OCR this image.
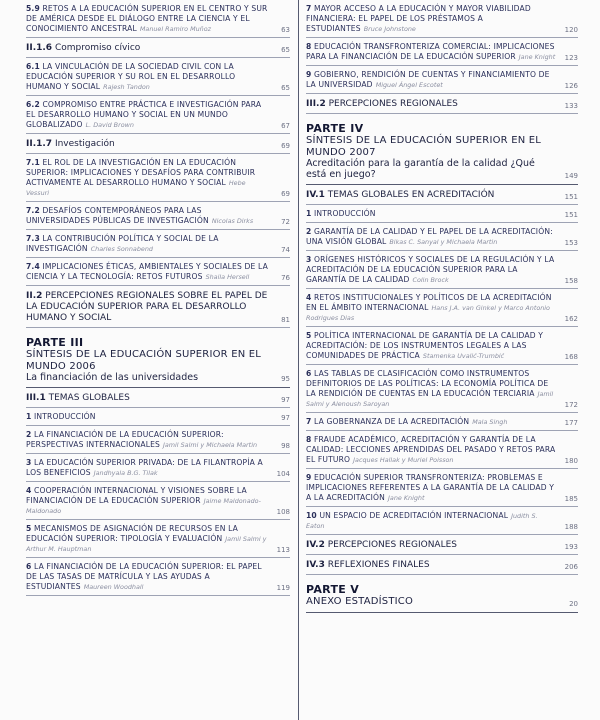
5.9 RETOS A LA EDUCACIÓN SUPERIOR EN EL CENTRO Y SUR DE AMÉRICA DESDE EL DIÁLOGO ENTRE LA CIENCIA Y EL CONOCIMIENTO ANCESTRAL Manuel Ramiro Muñoz	63
II.1.6 Compromiso cívico	65
6.1 LA VINCULACIÓN DE LA SOCIEDAD CIVIL CON LA EDUCACIÓN SUPERIOR Y SU ROL EN EL DESARROLLO HUMANO Y SOCIAL Rajesh Tandon	65
6.2 COMPROMISO ENTRE PRÁCTICA E INVESTIGACIÓN PARA EL DESARROLLO HUMANO Y SOCIAL EN UN MUNDO GLOBALIZADO L. David Brown	67
II.1.7 Investigación	69
7.1 EL ROL DE LA INVESTIGACIÓN EN LA EDUCACIÓN SUPERIOR: IMPLICACIONES Y DESAFÍOS PARA CONTRIBUIR ACTIVAMENTE AL DESARROLLO HUMANO Y SOCIAL Hebe Vessuri	69
7.2 DESAFÍOS CONTEMPORÁNEOS PARA LAS UNIVERSIDADES PÚBLICAS DE INVESTIGACIÓN Nicolas Dirks	72
7.3 LA CONTRIBUCIÓN POLÍTICA Y SOCIAL DE LA INVESTIGACIÓN Charles Sonnabend	74
7.4 IMPLICACIONES ÉTICAS, AMBIENTALES Y SOCIALES DE LA CIENCIA Y LA TECNOLOGÍA: RETOS FUTUROS Shaila Hersell	76
II.2 PERCEPCIONES REGIONALES SOBRE EL PAPEL DE LA EDUCACIÓN SUPERIOR PARA EL DESARROLLO HUMANO Y SOCIAL	81
PARTE III
SÍNTESIS DE LA EDUCACIÓN SUPERIOR EN EL MUNDO 2006
La financiación de las universidades	95
III.1 TEMAS GLOBALES	97
1 INTRODUCCIÓN	97
2 LA FINANCIACIÓN DE LA EDUCACIÓN SUPERIOR: PERSPECTIVAS INTERNACIONALES Jamil Salmi y Michaela Martin	98
3 LA EDUCACIÓN SUPERIOR PRIVADA: DE LA FILANTROPÍA A LOS BENEFICIOS Jandhyala B.G. Tilak	104
4 COOPERACIÓN INTERNACIONAL Y VISIONES SOBRE LA FINANCIACIÓN DE LA EDUCACIÓN SUPERIOR Jaime Maldonado-Maldonado	108
5 MECANISMOS DE ASIGNACIÓN DE RECURSOS EN LA EDUCACIÓN SUPERIOR: TIPOLOGÍA Y EVALUACIÓN Jamil Salmi y Arthur M. Hauptman	113
6 LA FINANCIACIÓN DE LA EDUCACIÓN SUPERIOR: EL PAPEL DE LAS TASAS DE MATRÍCULA Y LAS AYUDAS A ESTUDIANTES Maureen Woodhall	119
7 MAYOR ACCESO A LA EDUCACIÓN Y MAYOR VIABILIDAD FINANCIERA: EL PAPEL DE LOS PRÉSTAMOS A ESTUDIANTES Bruce Johnstone	120
8 EDUCACIÓN TRANSFRONTERIZA COMERCIAL: IMPLICACIONES PARA LA FINANCIACIÓN DE LA EDUCACIÓN SUPERIOR Jane Knight 123
9 GOBIERNO, RENDICIÓN DE CUENTAS Y FINANCIAMIENTO DE LA UNIVERSIDAD Miguel Ángel Escotet	126
III.2 PERCEPCIONES REGIONALES	133
PARTE IV
SÍNTESIS DE LA EDUCACIÓN SUPERIOR EN EL MUNDO 2007
Acreditación para la garantía de la calidad ¿Qué está en juego?	149
IV.1 TEMAS GLOBALES EN ACREDITACIÓN	151
1 INTRODUCCIÓN	151
2 GARANTÍA DE LA CALIDAD Y EL PAPEL DE LA ACREDITACIÓN: UNA VISIÓN GLOBAL Bikas C. Sanyal y Michaela Martin	153
3 ORÍGENES HISTÓRICOS Y SOCIALES DE LA REGULACIÓN Y LA ACREDITACIÓN DE LA EDUCACIÓN SUPERIOR PARA LA GARANTÍA DE LA CALIDAD Colin Brock	158
4 RETOS INSTITUCIONALES Y POLÍTICOS DE LA ACREDITACIÓN EN EL ÁMBITO INTERNACIONAL Hans J.A. van Ginkel y Marco Antonio Rodrigues Dias	162
5 POLÍTICA INTERNACIONAL DE GARANTÍA DE LA CALIDAD Y ACREDITACIÓN: DE LOS INSTRUMENTOS LEGALES A LAS COMUNIDADES DE PRÁCTICA Stamenka Uvalić-Trumbić	168
6 LAS TABLAS DE CLASIFICACIÓN COMO INSTRUMENTOS DEFINITORIOS DE LAS POLÍTICAS: LA ECONOMÍA POLÍTICA DE LA RENDICIÓN DE CUENTAS EN LA EDUCACIÓN TERCIARIA Jamil Salmi y Alenoush Saroyan	172
7 LA GOBERNANZA DE LA ACREDITACIÓN Mala Singh	177
8 FRAUDE ACADÉMICO, ACREDITACIÓN Y GARANTÍA DE LA CALIDAD: LECCIONES APRENDIDAS DEL PASADO Y RETOS PARA EL FUTURO Jacques Hallak y Muriel Poisson	180
9 EDUCACIÓN SUPERIOR TRANSFRONTERIZA: PROBLEMAS E IMPLICACIONES REFERENTES A LA GARANTÍA DE LA CALIDAD Y A LA ACREDITACIÓN Jane Knight	185
10 UN ESPACIO DE ACREDITACIÓN INTERNACIONAL Judith S. Eaton	188
IV.2 PERCEPCIONES REGIONALES	193
IV.3 REFLEXIONES FINALES	206
PARTE V
ANEXO ESTADÍSTICO	20
